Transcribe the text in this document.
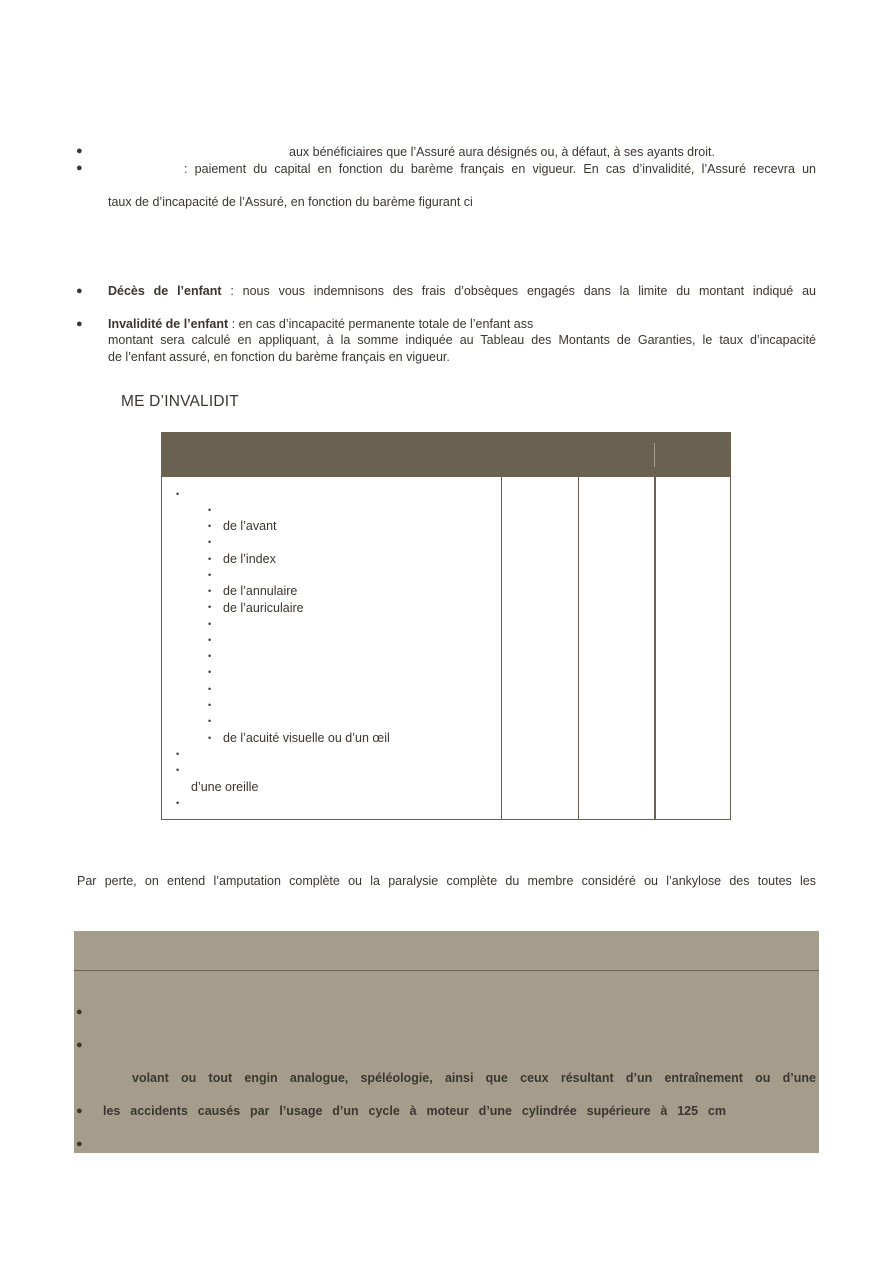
●	aux bénéficiaires que l’Assuré aura désignés ou, à défaut, à ses ayants droit.
●	: paiement du capital en fonction du barème français en vigueur. En cas d’invalidité, l’Assuré recevra un
taux de d’incapacité de l’Assuré, en fonction du barème figurant ci
● Décès de l’enfant : nous vous indemnisons des frais d’obsèques engagés dans la limite du montant indiqué au
● Invalidité de l’enfant : en cas d’incapacité permanente totale de l’enfant ass
montant sera calculé en appliquant, à la somme indiquée au Tableau des Montants de Garanties, le taux d’incapacité
de l’enfant assuré, en fonction du barème français en vigueur.
ME D’INVALIDIT
•
•
• de l’avant
•
• de l’index
•
• de l’annulaire
• de l’auriculaire
•
•
•
•
•
•
•
• de l’acuité visuelle ou d’un œil
•
•
d’une oreille
•
Par perte, on entend l’amputation complète ou la paralysie complète du membre considéré ou l’ankylose des toutes les
●
●
volant ou tout engin analogue, spéléologie, ainsi que ceux résultant d’un entraînement ou d’une
● les accidents causés par l’usage d’un cycle à moteur d’une cylindrée supérieure à 125 cm
●
